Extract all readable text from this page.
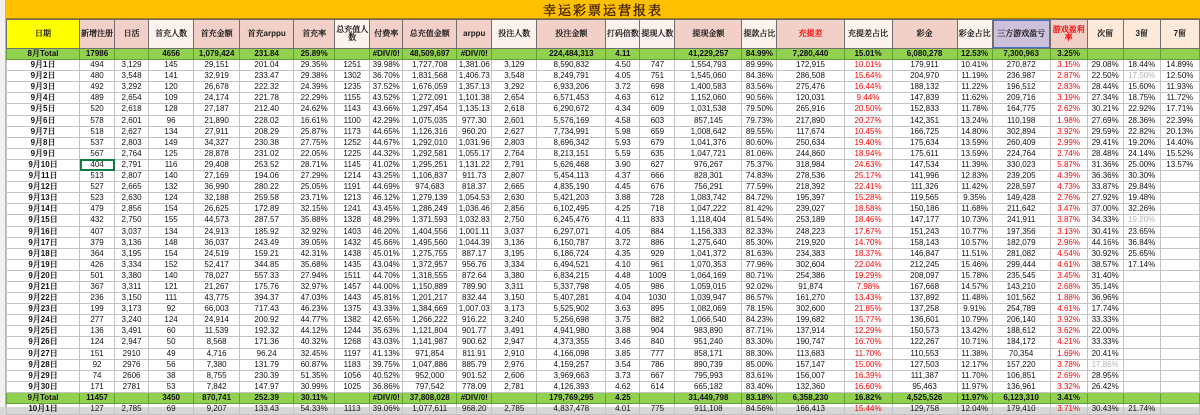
幸运彩票运营报表
日期	新增注册	日活	首充人数	首充金额	首充arppu	首充率	总充值人数	付费率	总充值金额	arppu	投注人数	投注金额	打码倍数	提现人数	提现金额	提款占比	充提差	充提差占比	彩金	彩金占比	三方游戏盈亏	游戏盈利率	次留	3留	7留
8月Total	17986		4656	1,079,424	231.84	25.89%		#DIV/0!	48,509,697	#DIV/0!		224,484,313	4.11		41,229,257	84.99%	7,280,440	15.01%	6,080,278	12.53%	7,300,963	3.25%			
9月1日	494	3,129	145	29,151	201.04	29.35%	1251	39.98%	1,727,708	1,381.06	3,129	8,590,832	4.50	747	1,554,793	89.99%	172,915	10.01%	179,911	10.41%	270,872	3.15%	29.08%	18.44%	14.89%
9月2日	480	3,548	141	32,919	233.47	29.38%	1302	36.70%	1,831,568	1,406.73	3,548	8,249,791	4.05	751	1,545,060	84.36%	286,508	15.64%	204,970	11.19%	236,987	2.87%	22.50%	17.50%	12.50%
9月3日	492	3,292	120	26,678	222.32	24.39%	1235	37.52%	1,676,059	1,357.13	3,292	6,933,206	3.72	698	1,400,583	83.56%	275,476	16.44%	188,132	11.22%	196,512	2.83%	28.44%	15.60%	11.93%
9月4日	489	2,654	109	24,174	221.78	22.29%	1155	43.52%	1,272,091	1,101.38	2,654	6,571,453	4.63	612	1,152,060	90.56%	120,031	9.44%	147,839	11.62%	209,716	3.19%	27.34%	18.75%	11.72%
9月5日	520	2,618	128	27,187	212.40	24.62%	1143	43.66%	1,297,454	1,135.13	2,618	6,290,672	4.34	609	1,031,538	79.50%	265,916	20.50%	152,833	11.78%	164,775	2.62%	30.21%	22.92%	17.71%
9月6日	578	2,601	96	21,890	228.02	16.61%	1100	42.29%	1,075,035	977.30	2,601	5,576,169	4.58	603	857,145	79.73%	217,890	20.27%	142,351	13.24%	110,198	1.98%	27.69%	28.36%	22.39%
9月7日	518	2,627	134	27,911	208.29	25.87%	1173	44.65%	1,126,316	960.20	2,627	7,734,991	5.98	659	1,008,642	89.55%	117,674	10.45%	166,725	14.80%	302,894	3.92%	29.59%	22.82%	20.13%
9月8日	537	2,803	149	34,327	230.38	27.75%	1252	44.67%	1,292,010	1,031.96	2,803	8,696,342	5.93	679	1,041,376	80.60%	250,634	19.40%	175,634	13.59%	260,409	2.99%	29.41%	19.20%	14.40%
9月9日	567	2,764	125	28,878	231.02	22.05%	1225	44.32%	1,292,581	1,055.17	2,764	8,213,151	5.59	635	1,047,721	81.06%	244,860	18.94%	175,611	13.59%	224,764	2.74%	28.48%	24.14%	15.52%
9月10日	404	2,791	116	29,408	253.52	28.71%	1145	41.02%	1,295,251	1,131.22	2,791	5,626,468	3.90	627	976,267	75.37%	318,984	24.63%	147,534	11.39%	330,023	5.87%	31.36%	25.00%	13.57%
9月11日	513	2,807	140	27,169	194.06	27.29%	1214	43.25%	1,106,837	911.73	2,807	5,454,113	4.37	666	828,301	74.83%	278,536	25.17%	141,996	12.83%	239,205	4.39%	36.36%	30.30%	
9月12日	527	2,665	132	36,990	280.22	25.05%	1191	44.69%	974,683	818.37	2,665	4,835,190	4.45	676	756,291	77.59%	218,392	22.41%	111,326	11.42%	228,597	4.73%	33.87%	29.84%	
9月13日	523	2,630	124	32,188	259.58	23.71%	1213	46.12%	1,279,139	1,054.53	2,630	5,421,203	3.88	728	1,083,742	84.72%	195,397	15.28%	119,565	9.35%	149,428	2.76%	27.92%	19.48%	
9月14日	479	2,856	154	26,625	172.89	32.15%	1241	43.45%	1,286,249	1,036.46	2,856	6,102,495	4.25	718	1,047,222	81.42%	239,027	18.58%	150,186	11.68%	211,642	3.47%	37.00%	32.26%	
9月15日	432	2,750	155	44,573	287.57	35.88%	1328	48.29%	1,371,593	1,032.83	2,750	6,245,476	4.11	833	1,118,404	81.54%	253,189	18.46%	147,177	10.73%	241,911	3.87%	34.33%	19.20%	
9月16日	407	3,037	134	24,913	185.92	32.92%	1403	46.20%	1,404,556	1,001.11	3,037	6,297,071	4.05	884	1,156,333	82.33%	248,223	17.67%	151,243	10.77%	197,356	3.13%	30.41%	23.65%	
9月17日	379	3,136	148	36,037	243.49	39.05%	1432	45.66%	1,495,560	1,044.39	3,136	6,150,787	3.72	886	1,275,640	85.30%	219,920	14.70%	158,143	10.57%	182,079	2.96%	44.16%	36.84%	
9月18日	364	3,195	154	24,519	159.21	42.31%	1438	45.01%	1,275,755	887.17	3,195	6,186,724	4.35	929	1,041,372	81.63%	234,383	18.37%	146,847	11.51%	281,082	4.54%	30.92%	25.65%	
9月19日	426	3,334	152	52,417	344.85	35.68%	1435	43.04%	1,372,957	956.76	3,334	6,494,521	4.10	961	1,070,353	77.96%	302,604	22.04%	212,245	15.46%	299,444	4.61%	38.57%	17.14%	
9月20日	501	3,380	140	78,027	557.33	27.94%	1511	44.70%	1,318,555	872.64	3,380	6,834,215	4.48	1009	1,064,169	80.71%	254,386	19.29%	208,097	15.78%	235,545	3.45%	31.40%		
9月21日	367	3,311	121	21,267	175.76	32.97%	1457	44.00%	1,150,889	789.90	3,311	5,337,798	4.05	986	1,059,015	92.02%	91,874	7.98%	167,668	14.57%	143,210	2.68%	35.14%		
9月22日	236	3,150	111	43,775	394.37	47.03%	1443	45.81%	1,201,217	832.44	3,150	5,407,281	4.04	1030	1,039,947	86.57%	161,270	13.43%	137,892	11.48%	101,562	1.88%	36.96%		
9月23日	199	3,173	92	66,003	717.43	46.23%	1375	43.33%	1,384,669	1,007.03	3,173	5,525,902	3.63	895	1,082,069	78.15%	302,600	21.85%	137,258	9.91%	254,789	4.61%	17.74%		
9月24日	277	3,240	124	24,914	200.92	44.77%	1382	42.65%	1,266,222	916.22	3,240	5,256,698	3.75	882	1,066,540	84.23%	199,682	15.77%	136,601	10.79%	206,140	3.92%	33.33%		
9月25日	136	3,491	60	11,539	192.32	44.12%	1244	35.63%	1,121,804	901.77	3,491	4,941,980	3.88	904	983,890	87.71%	137,914	12.29%	150,573	13.42%	188,612	3.62%	22.00%		
9月26日	124	2,947	50	8,568	171.36	40.32%	1268	43.03%	1,141,987	900.62	2,947	4,373,355	3.46	840	951,240	83.30%	190,747	16.70%	122,267	10.71%	184,172	4.21%	33.33%		
9月27日	151	2910	49	4,716	96.24	32.45%	1197	41.13%	971,854	811.91	2,910	4,166,098	3.85	777	858,171	88.30%	113,683	11.70%	110,553	11.38%	70,354	1.69%	20.41%		
9月28日	92	2976	56	7,380	131.79	60.87%	1183	39.75%	1,047,886	885.79	2,976	4,159,257	3.54	786	890,739	85.00%	157,147	15.00%	127,503	12.17%	157,220	3.78%	17.86%		
9月29日	74	2606	38	8,755	230.39	51.35%	1056	40.52%	952,000	901.52	2,606	3,969,663	3.73	667	795,993	83.61%	156,007	16.39%	111,387	11.70%	106,851	2.69%	28.95%		
9月30日	171	2781	53	7,842	147.97	30.99%	1025	36.86%	797,542	778.09	2,781	4,126,393	4.62	614	665,182	83.40%	132,360	16.60%	95,463	11.97%	136,961	3.32%	26.42%		
9月Total	11457		3450	870,741	252.39	30.11%		#DIV/0!	37,808,028	#DIV/0!		179,769,295	4.25		31,449,798	83.18%	6,358,230	16.82%	4,525,526	11.97%	6,123,310	3.41%			
10月1日	127	2,785	69	9,207	133.43	54.33%	1113	39.06%	1,077,611	968.20	2,785	4,837,478	4.01	775	911,108	84.56%	166,413	15.44%	129,758	12.04%	179,410	3.71%	30.43%	21.74%	
